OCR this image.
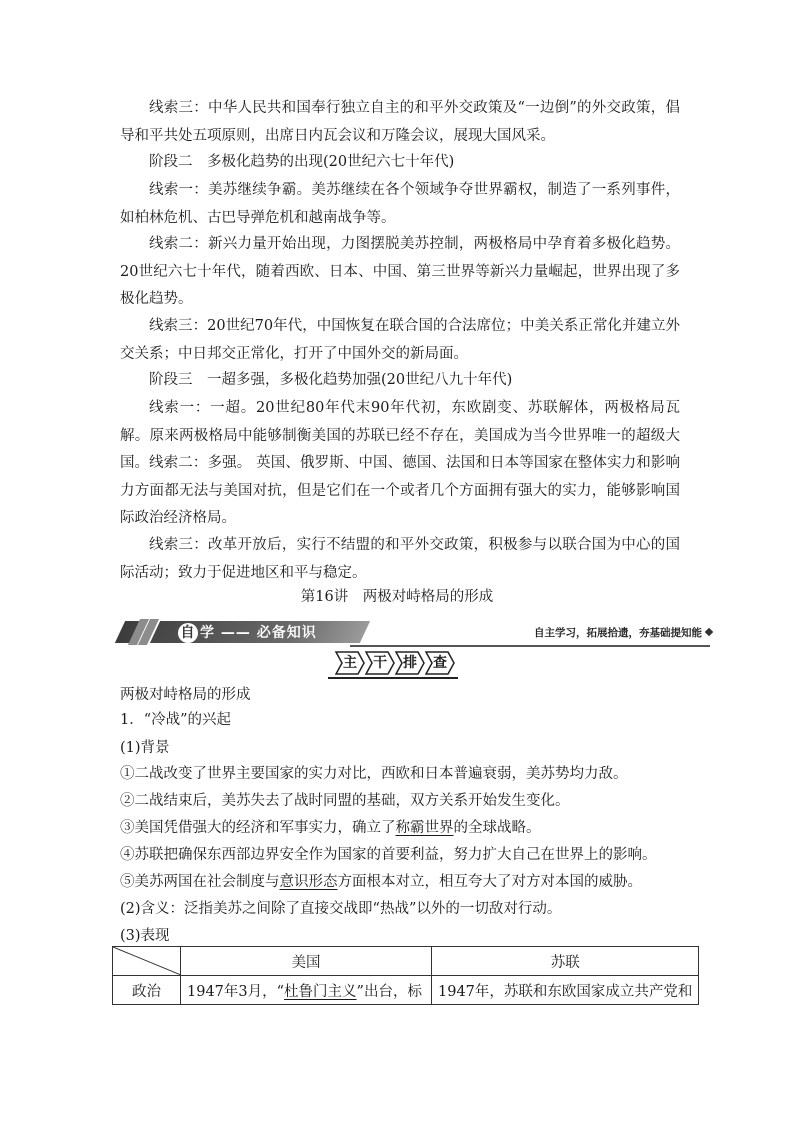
线索三：中华人民共和国奉行独立自主的和平外交政策及“一边倒”的外交政策，倡导和平共处五项原则，出席日内瓦会议和万隆会议，展现大国风采。

阶段二　多极化趋势的出现(20世纪六七十年代)

线索一：美苏继续争霸。美苏继续在各个领域争夺世界霸权，制造了一系列事件，如柏林危机、古巴导弹危机和越南战争等。

线索二：新兴力量开始出现，力图摆脱美苏控制，两极格局中孕育着多极化趋势。20世纪六七十年代，随着西欧、日本、中国、第三世界等新兴力量崛起，世界出现了多极化趋势。

线索三：20世纪70年代，中国恢复在联合国的合法席位；中美关系正常化并建立外交关系；中日邦交正常化，打开了中国外交的新局面。

阶段三　一超多强，多极化趋势加强(20世纪八九十年代)

线索一：一超。20世纪80年代末90年代初，东欧剧变、苏联解体，两极格局瓦解。原来两极格局中能够制衡美国的苏联已经不存在，美国成为当今世界唯一的超级大国。 线索二：多强。 英国、俄罗斯、中国、德国、法国和日本等国家在整体实力和影响力方面都无法与美国对抗，但是它们在一个或者几个方面拥有强大的实力，能够影响国际政治经济格局。

线索三：改革开放后，实行不结盟的和平外交政策，积极参与以联合国为中心的国际活动；致力于促进地区和平与稳定。

第16讲　两极对峙格局的形成
自 学 —— 必备知识	自主学习，拓展拾遗，夯基础提知能
主	干	排	查

两极对峙格局的形成

1．“冷战”的兴起

(1)背景

①二战改变了世界主要国家的实力对比，西欧和日本普遍衰弱，美苏势均力敌。

②二战结束后，美苏失去了战时同盟的基础，双方关系开始发生变化。

③美国凭借强大的经济和军事实力，确立了称霸世界的全球战略。

④苏联把确保东西部边界安全作为国家的首要利益，努力扩大自己在世界上的影响。

⑤美苏两国在社会制度与意识形态方面根本对立，相互夸大了对方对本国的威胁。

(2)含义：泛指美苏之间除了直接交战即“热战”以外的一切敌对行动。

(3)表现

	美国	苏联
政治	1947年3月，“杜鲁门主义”出台，标	1947年，苏联和东欧国家成立共产党和
